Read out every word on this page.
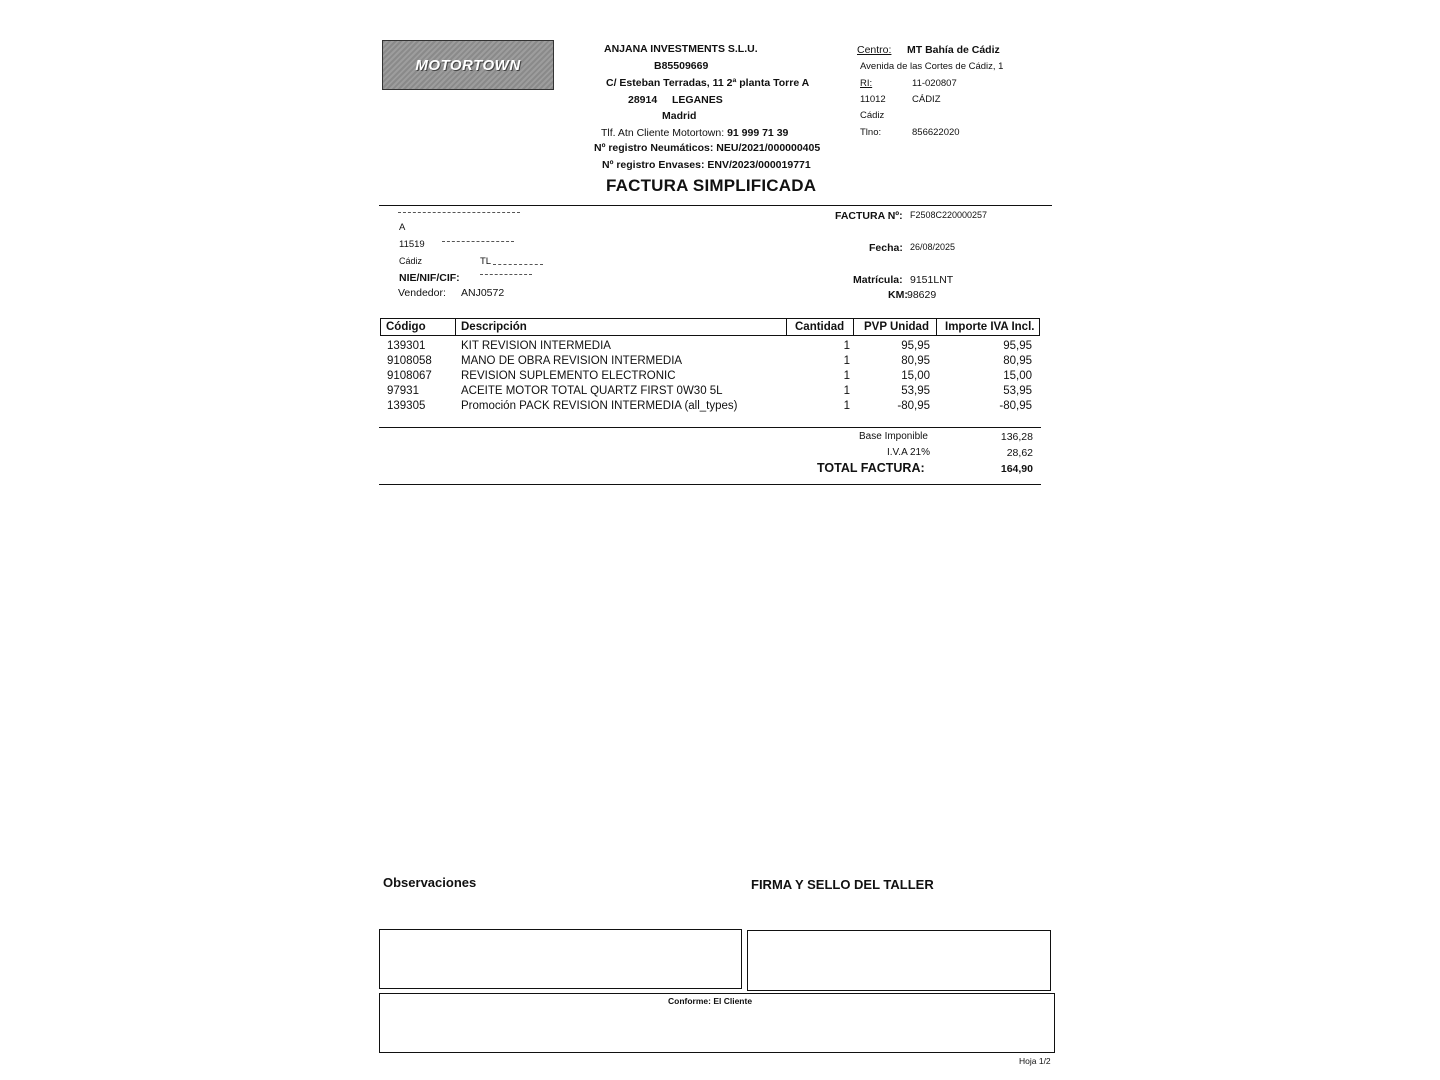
MOTORTOWN
ANJANA INVESTMENTS S.L.U.
B85509669
C/ Esteban Terradas, 11 2ª planta Torre A
28914 LEGANES
Madrid
Tlf. Atn Cliente Motortown: 91 999 71 39
Nº registro Neumáticos: NEU/2021/000000405
Nº registro Envases: ENV/2023/000019771
Centro: MT Bahía de Cádiz
Avenida de las Cortes de Cádiz, 1
RI:	11-020807
11012	CÁDIZ
Cádiz
Tlno:	856622020
FACTURA SIMPLIFICADA
A
11519
Cádiz	TL
NIE/NIF/CIF:
Vendedor: ANJ0572
FACTURA Nº: F2508C220000257
Fecha: 26/08/2025
Matrícula: 9151LNT
KM: 98629
Código	Descripción	Cantidad	PVP Unidad	Importe IVA Incl.
139301	KIT REVISION INTERMEDIA	1	95,95	95,95
9108058	MANO DE OBRA REVISION INTERMEDIA	1	80,95	80,95
9108067	REVISION SUPLEMENTO ELECTRONIC	1	15,00	15,00
97931	ACEITE MOTOR TOTAL QUARTZ FIRST 0W30 5L	1	53,95	53,95
139305	Promoción PACK REVISION INTERMEDIA (all_types)	1	-80,95	-80,95
Base Imponible	136,28
I.V.A 21%	28,62
TOTAL FACTURA:	164,90
Observaciones	FIRMA Y SELLO DEL TALLER
Conforme: El Cliente
Hoja 1/2
